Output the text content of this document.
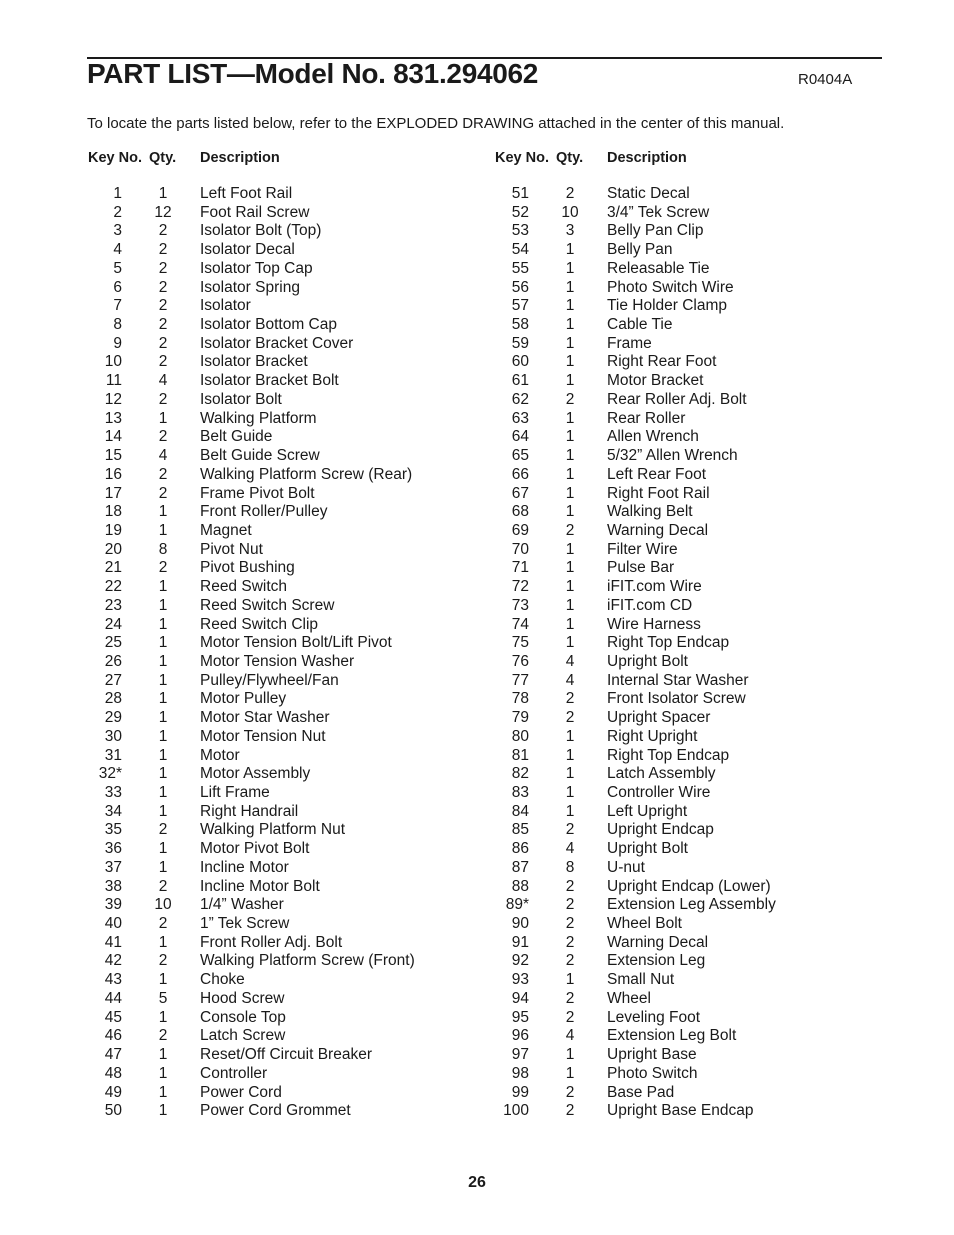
PART LIST—Model No. 831.294062	R0404A
To locate the parts listed below, refer to the EXPLODED DRAWING attached in the center of this manual.
Key No. Qty. Description
1	1	Left Foot Rail
2 12 Foot Rail Screw
3	2	Isolator Bolt (Top)
4	2	Isolator Decal
5	2	Isolator Top Cap
6	2	Isolator Spring
7	2	Isolator
8	2	Isolator Bottom Cap
9	2	Isolator Bracket Cover
10	2	Isolator Bracket
11	4	Isolator Bracket Bolt
12	2	Isolator Bolt
13	1	Walking Platform
14	2	Belt Guide
15	4	Belt Guide Screw
16	2	Walking Platform Screw (Rear)
17	2	Frame Pivot Bolt
18	1	Front Roller/Pulley
19	1	Magnet
20	8	Pivot Nut
21	2	Pivot Bushing
22	1	Reed Switch
23	1	Reed Switch Screw
24	1	Reed Switch Clip
25	1	Motor Tension Bolt/Lift Pivot
26	1	Motor Tension Washer
27	1	Pulley/Flywheel/Fan
28	1	Motor Pulley
29	1	Motor Star Washer
30	1	Motor Tension Nut
31	1	Motor
32*	1	Motor Assembly
33	1	Lift Frame
34	1	Right Handrail
35	2	Walking Platform Nut
36	1	Motor Pivot Bolt
37	1	Incline Motor
38	2	Incline Motor Bolt
39 10 1/4” Washer
40	2	1” Tek Screw
41	1	Front Roller Adj. Bolt
42	2	Walking Platform Screw (Front)
43	1	Choke
44	5	Hood Screw
45	1	Console Top
46	2	Latch Screw
47	1	Reset/Off Circuit Breaker
48	1	Controller
49	1	Power Cord
50	1	Power Cord Grommet
Key No. Qty. Description
51	2	Static Decal
52 10 3/4” Tek Screw
53	3	Belly Pan Clip
54	1	Belly Pan
55	1	Releasable Tie
56	1	Photo Switch Wire
57	1	Tie Holder Clamp
58	1	Cable Tie
59	1	Frame
60	1	Right Rear Foot
61	1	Motor Bracket
62	2	Rear Roller Adj. Bolt
63	1	Rear Roller
64	1	Allen Wrench
65	1	5/32” Allen Wrench
66	1	Left Rear Foot
67	1	Right Foot Rail
68	1	Walking Belt
69	2	Warning Decal
70	1	Filter Wire
71	1	Pulse Bar
72	1	iFIT.com Wire
73	1	iFIT.com CD
74	1	Wire Harness
75	1	Right Top Endcap
76	4	Upright Bolt
77	4	Internal Star Washer
78	2	Front Isolator Screw
79	2	Upright Spacer
80	1	Right Upright
81	1	Right Top Endcap
82	1	Latch Assembly
83	1	Controller Wire
84	1	Left Upright
85	2	Upright Endcap
86	4	Upright Bolt
87	8	U-nut
88	2	Upright Endcap (Lower)
89*	2	Extension Leg Assembly
90	2	Wheel Bolt
91	2	Warning Decal
92	2	Extension Leg
93	1	Small Nut
94	2	Wheel
95	2	Leveling Foot
96	4	Extension Leg Bolt
97	1	Upright Base
98	1	Photo Switch
99	2	Base Pad
100	2	Upright Base Endcap
26
